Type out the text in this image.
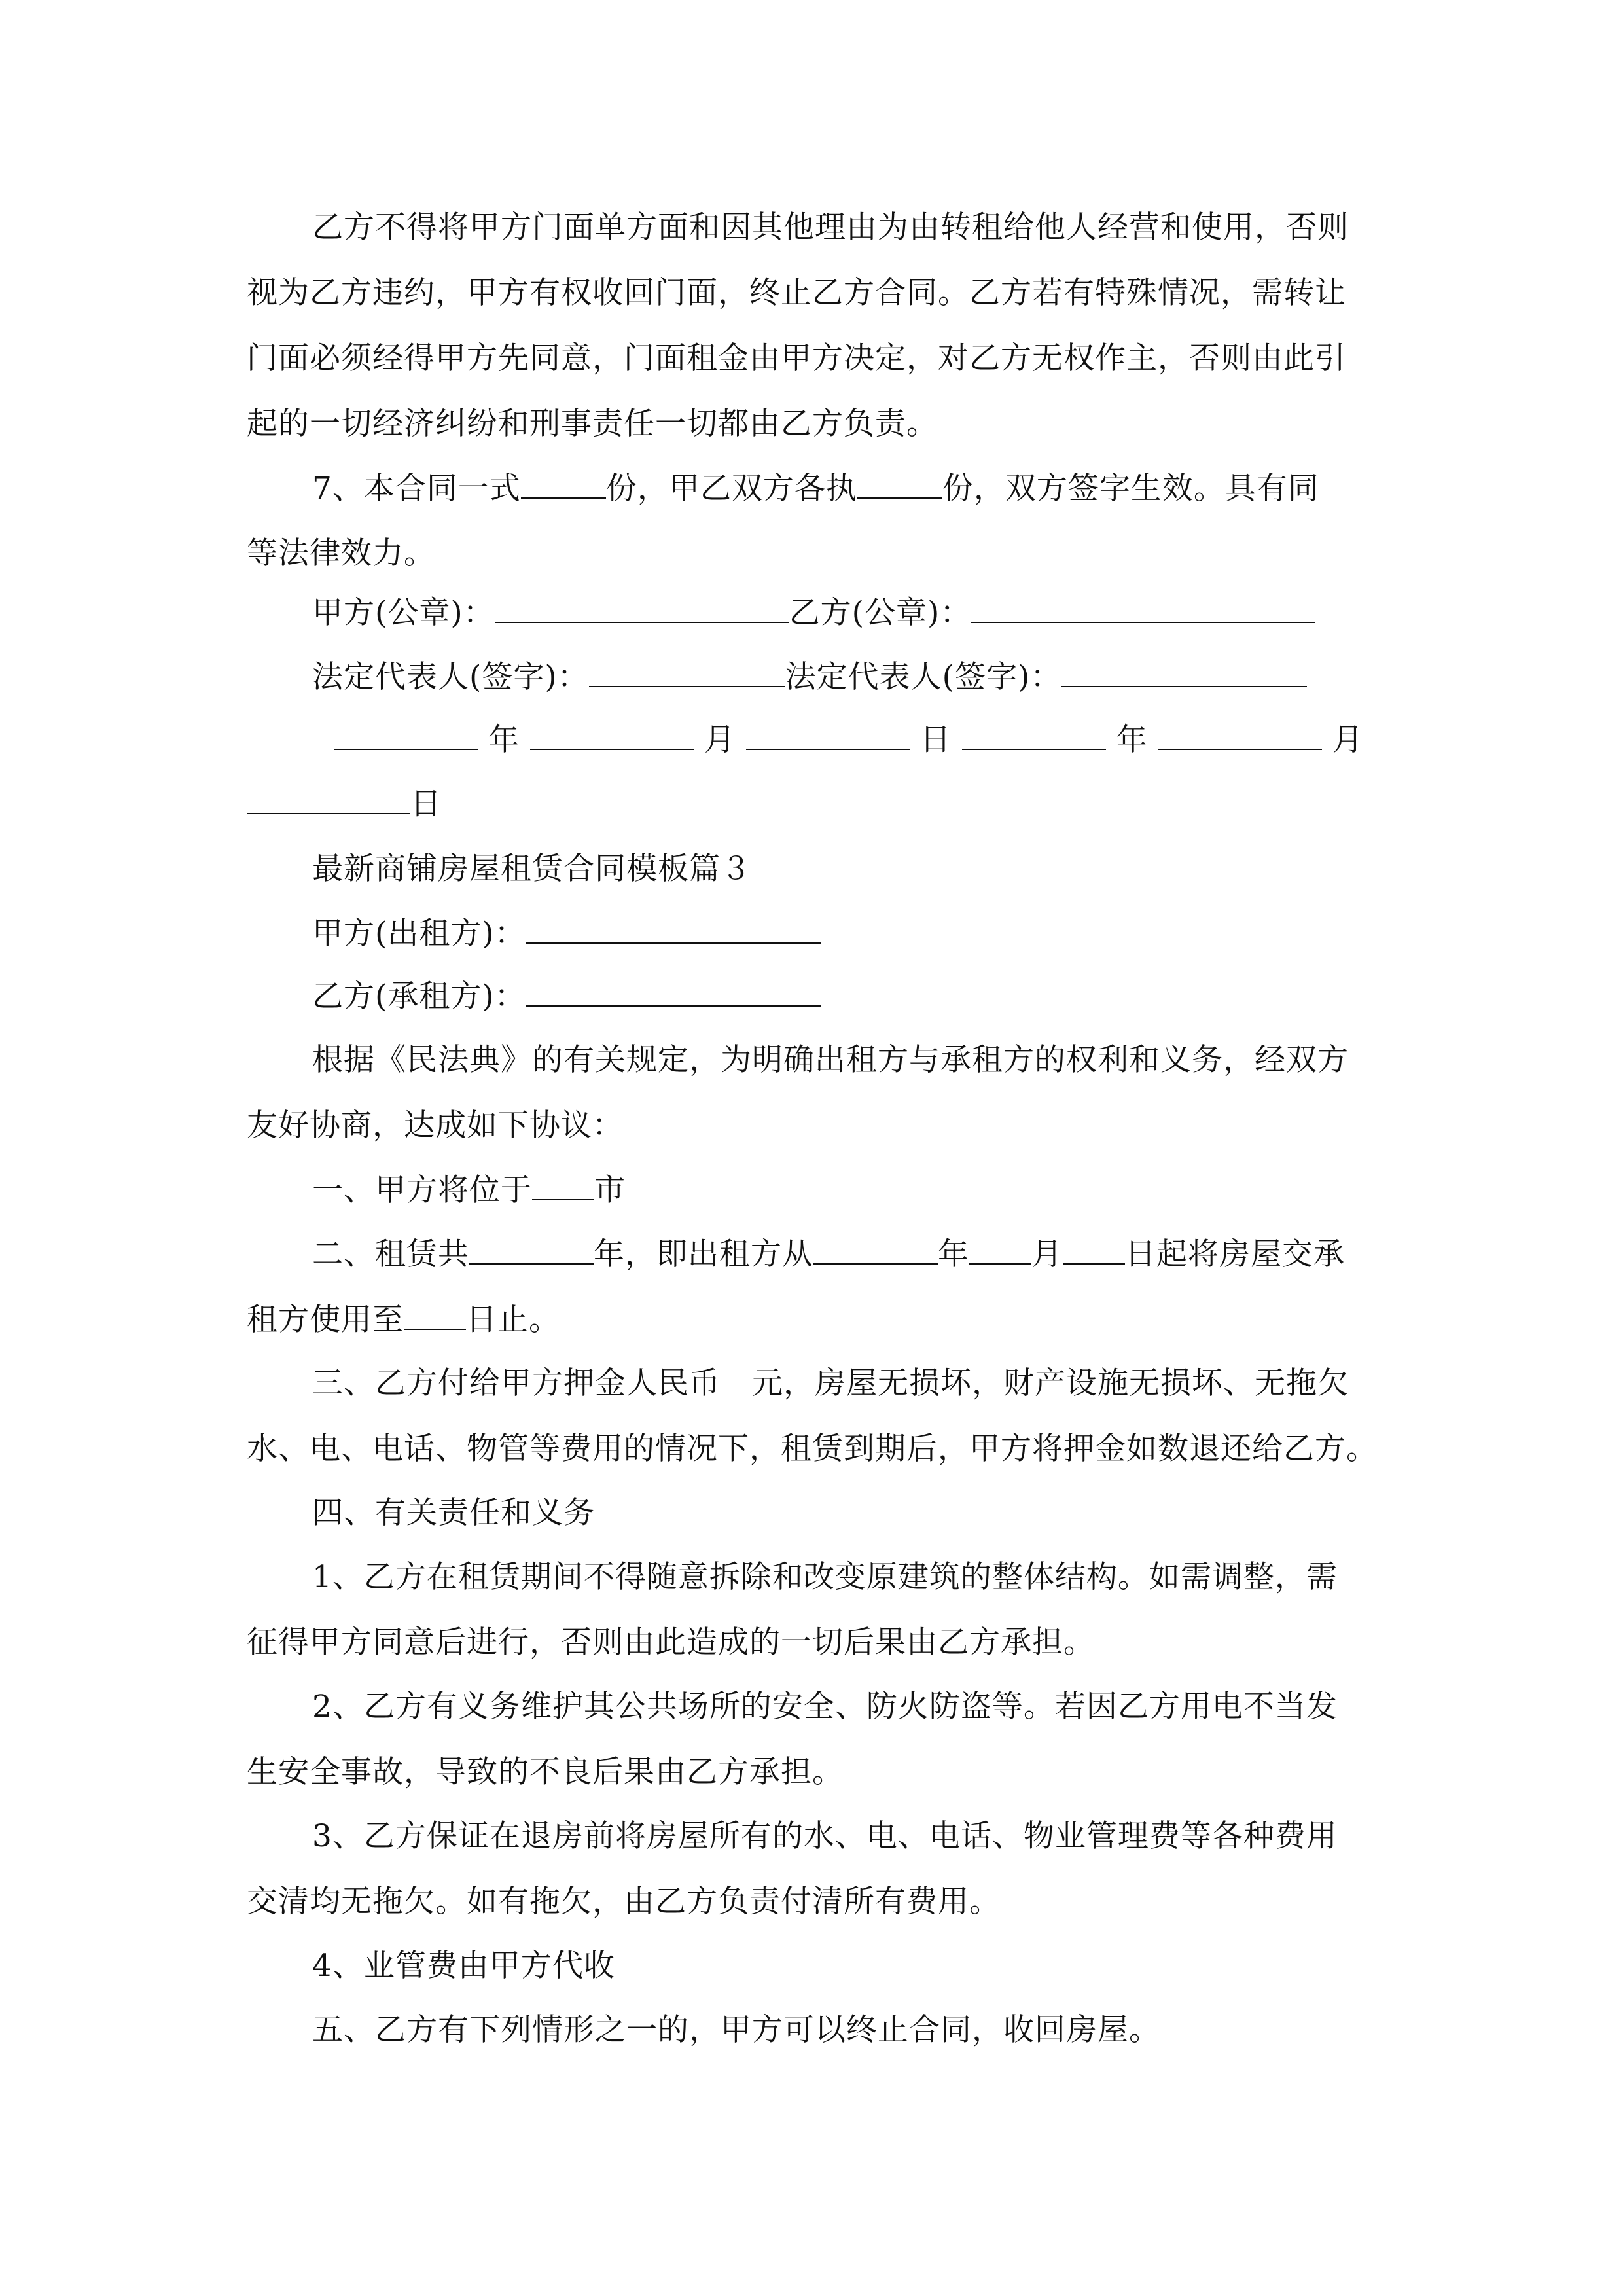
乙方不得将甲方门面单方面和因其他理由为由转租给他人经营和使用，否则
视为乙方违约，甲方有权收回门面，终止乙方合同。乙方若有特殊情况，需转让
门面必须经得甲方先同意，门面租金由甲方决定，对乙方无权作主，否则由此引
起的一切经济纠纷和刑事责任一切都由乙方负责。
7、本合同一式	份，甲乙双方各执	份，双方签字生效。具有同
等法律效力。
甲方(公章)：	乙方(公章)：
法定代表人(签字)：	法定代表人(签字)：
年	月	日	年	月
日
最新商铺房屋租赁合同模板篇３
甲方(出租方)：
乙方(承租方)：
根据《民法典》的有关规定，为明确出租方与承租方的权利和义务，经双方
友好协商，达成如下协议：
一、甲方将位于 市
二、租赁共	年，即出租方从	年 月 日起将房屋交承
租方使用至 日止。
三、乙方付给甲方押金人民币　元，房屋无损坏，财产设施无损坏、无拖欠
水、电、电话、物管等费用的情况下，租赁到期后，甲方将押金如数退还给乙方。
四、有关责任和义务
1、乙方在租赁期间不得随意拆除和改变原建筑的整体结构。如需调整，需
征得甲方同意后进行，否则由此造成的一切后果由乙方承担。
2、乙方有义务维护其公共场所的安全、防火防盗等。若因乙方用电不当发
生安全事故，导致的不良后果由乙方承担。
3、乙方保证在退房前将房屋所有的水、电、电话、物业管理费等各种费用
交清均无拖欠。如有拖欠，由乙方负责付清所有费用。
4、业管费由甲方代收
五、乙方有下列情形之一的，甲方可以终止合同，收回房屋。
